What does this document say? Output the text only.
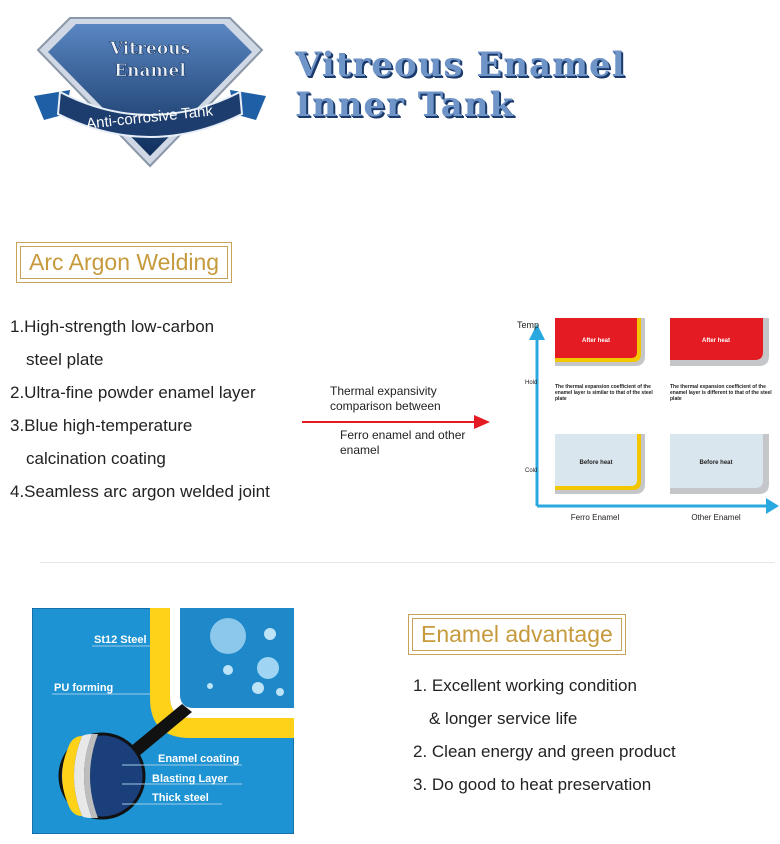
Vitreous
Enamel
Anti-corrosive Tank
Vitreous Enamel
Inner Tank
Arc Argon Welding
1.High-strength low-carbon
steel plate
2.Ultra-fine powder enamel layer
3.Blue high-temperature
calcination coating
4.Seamless arc argon welded joint
Thermal expansivity comparison between
Ferro enamel and other enamel
Temp
Hold
Cold
After heat	After heat
The thermal expansion coefficient of the enamel layer is similar to that of the steel plate
The thermal expansion coefficient of the enamel layer is different to that of the steel plate
Before heat	Before heat
Ferro Enamel	Other Enamel
St12 Steel
PU forming
Enamel coating
Blasting Layer
Thick steel
Enamel advantage
1. Excellent working condition
& longer service life
2. Clean energy and green product
3. Do good to heat preservation
